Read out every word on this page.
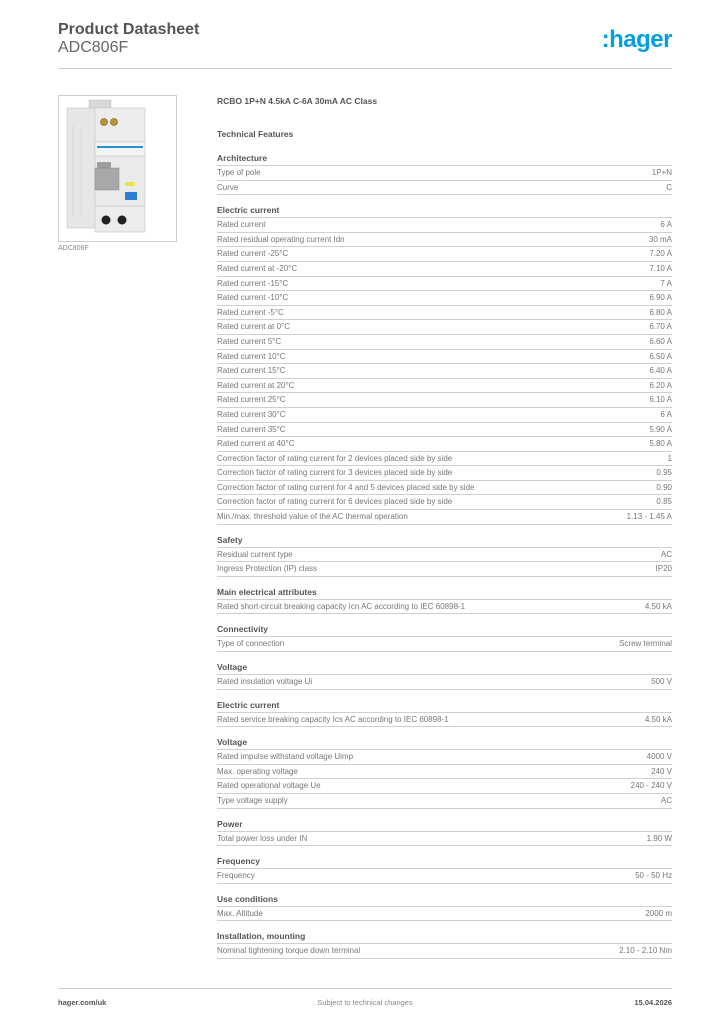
Product Datasheet
ADC806F	:hager
ADC806F
RCBO 1P+N 4.5kA C-6A 30mA AC Class
Technical Features
Architecture
Type of pole	1P+N
Curve	C
Electric current
Rated current	6 A
Rated residual operating current Idn	30 mA
Rated current -25°C	7.20 A
Rated current at -20°C	7.10 A
Rated current -15°C	7 A
Rated current -10°C	6.90 A
Rated current -5°C	6.80 A
Rated current at 0°C	6.70 A
Rated current 5°C	6.60 A
Rated current 10°C	6.50 A
Rated current 15°C	6.40 A
Rated current at 20°C	6.20 A
Rated current 25°C	6.10 A
Rated current 30°C	6 A
Rated current 35°C	5.90 A
Rated current at 40°C	5.80 A
Correction factor of rating current for 2 devices placed side by side	1
Correction factor of rating current for 3 devices placed side by side	0.95
Correction factor of rating current for 4 and 5 devices placed side by side	0.90
Correction factor of rating current for 6 devices placed side by side	0.85
Min./max. threshold value of the AC thermal operation	1.13 - 1.45 A
Safety
Residual current type	AC
Ingress Protection (IP) class	IP20
Main electrical attributes
Rated short-circuit breaking capacity Icn AC according to IEC 60898-1	4.50 kA
Connectivity
Type of connection	Screw terminal
Voltage
Rated insulation voltage Ui	500 V
Electric current
Rated service breaking capacity Ics AC according to IEC 60898-1	4.50 kA
Voltage
Rated impulse withstand voltage Uimp	4000 V
Max. operating voltage	240 V
Rated operational voltage Ue	240 - 240 V
Type voltage supply	AC
Power
Total power loss under IN	1.90 W
Frequency
Frequency	50 - 50 Hz
Use conditions
Max. Altitude	2000 m
Installation, mounting
Nominal tightening torque down terminal	2.10 - 2.10 Nm
hager.com/uk	Subject to technical changes	15.04.2026
